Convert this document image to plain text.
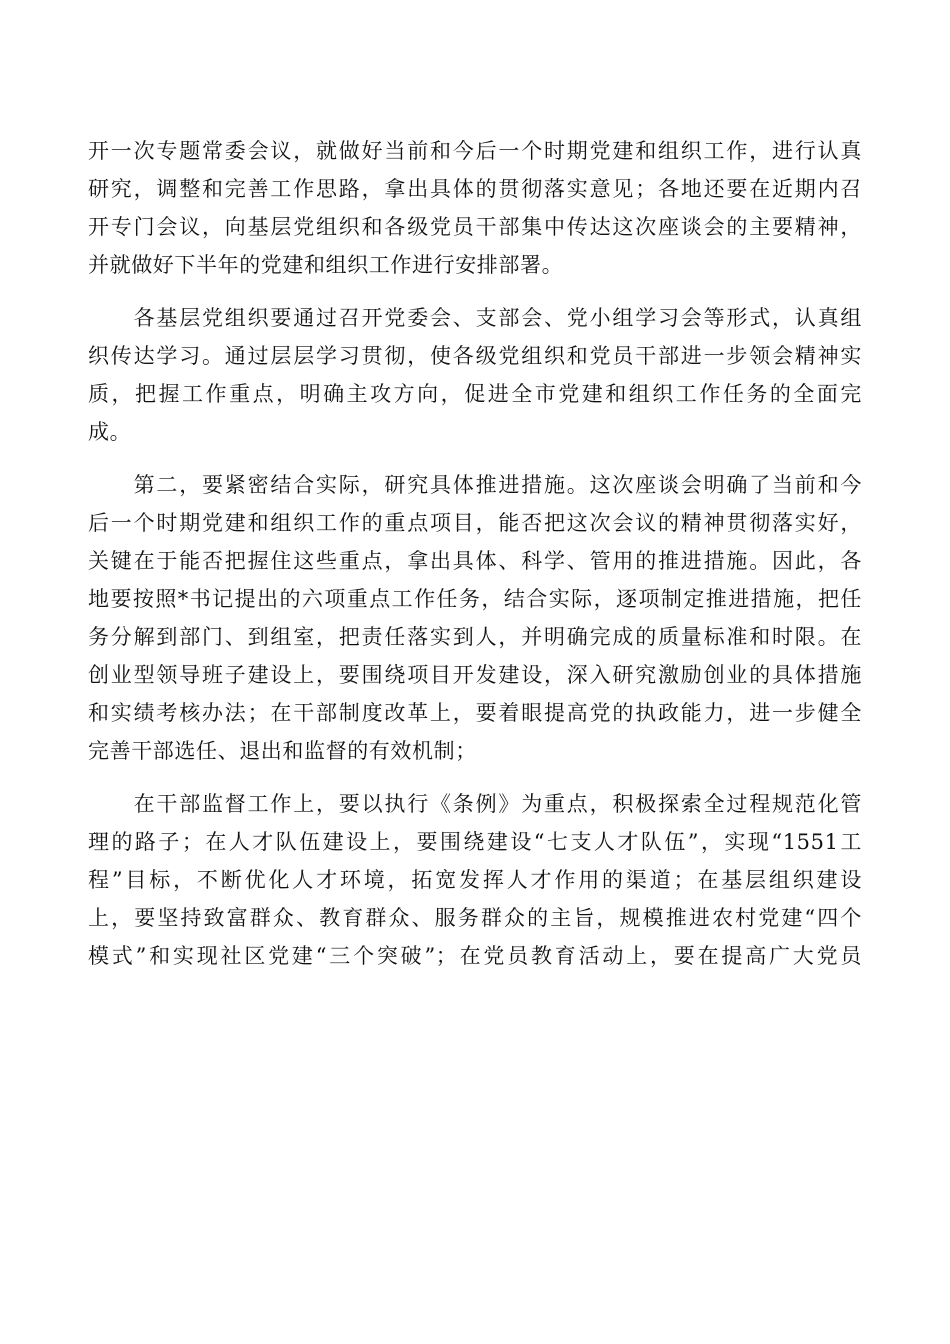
开一次专题常委会议，就做好当前和今后一个时期党建和组织工作，进行认真
研究，调整和完善工作思路，拿出具体的贯彻落实意见；各地还要在近期内召
开专门会议，向基层党组织和各级党员干部集中传达这次座谈会的主要精神，
并就做好下半年的党建和组织工作进行安排部署。
　　各基层党组织要通过召开党委会、支部会、党小组学习会等形式，认真组
织传达学习。通过层层学习贯彻，使各级党组织和党员干部进一步领会精神实
质，把握工作重点，明确主攻方向，促进全市党建和组织工作任务的全面完
成。
　　第二，要紧密结合实际，研究具体推进措施。这次座谈会明确了当前和今
后一个时期党建和组织工作的重点项目，能否把这次会议的精神贯彻落实好，
关键在于能否把握住这些重点，拿出具体、科学、管用的推进措施。因此，各
地要按照*书记提出的六项重点工作任务，结合实际，逐项制定推进措施，把任
务分解到部门、到组室，把责任落实到人，并明确完成的质量标准和时限。在
创业型领导班子建设上，要围绕项目开发建设，深入研究激励创业的具体措施
和实绩考核办法；在干部制度改革上，要着眼提高党的执政能力，进一步健全
完善干部选任、退出和监督的有效机制；
　　在干部监督工作上，要以执行《条例》为重点，积极探索全过程规范化管
理的路子；在人才队伍建设上，要围绕建设“七支人才队伍”，实现“1551工
程”目标，不断优化人才环境，拓宽发挥人才作用的渠道；在基层组织建设
上，要坚持致富群众、教育群众、服务群众的主旨，规模推进农村党建“四个
模式”和实现社区党建“三个突破”；在党员教育活动上，要在提高广大党员
